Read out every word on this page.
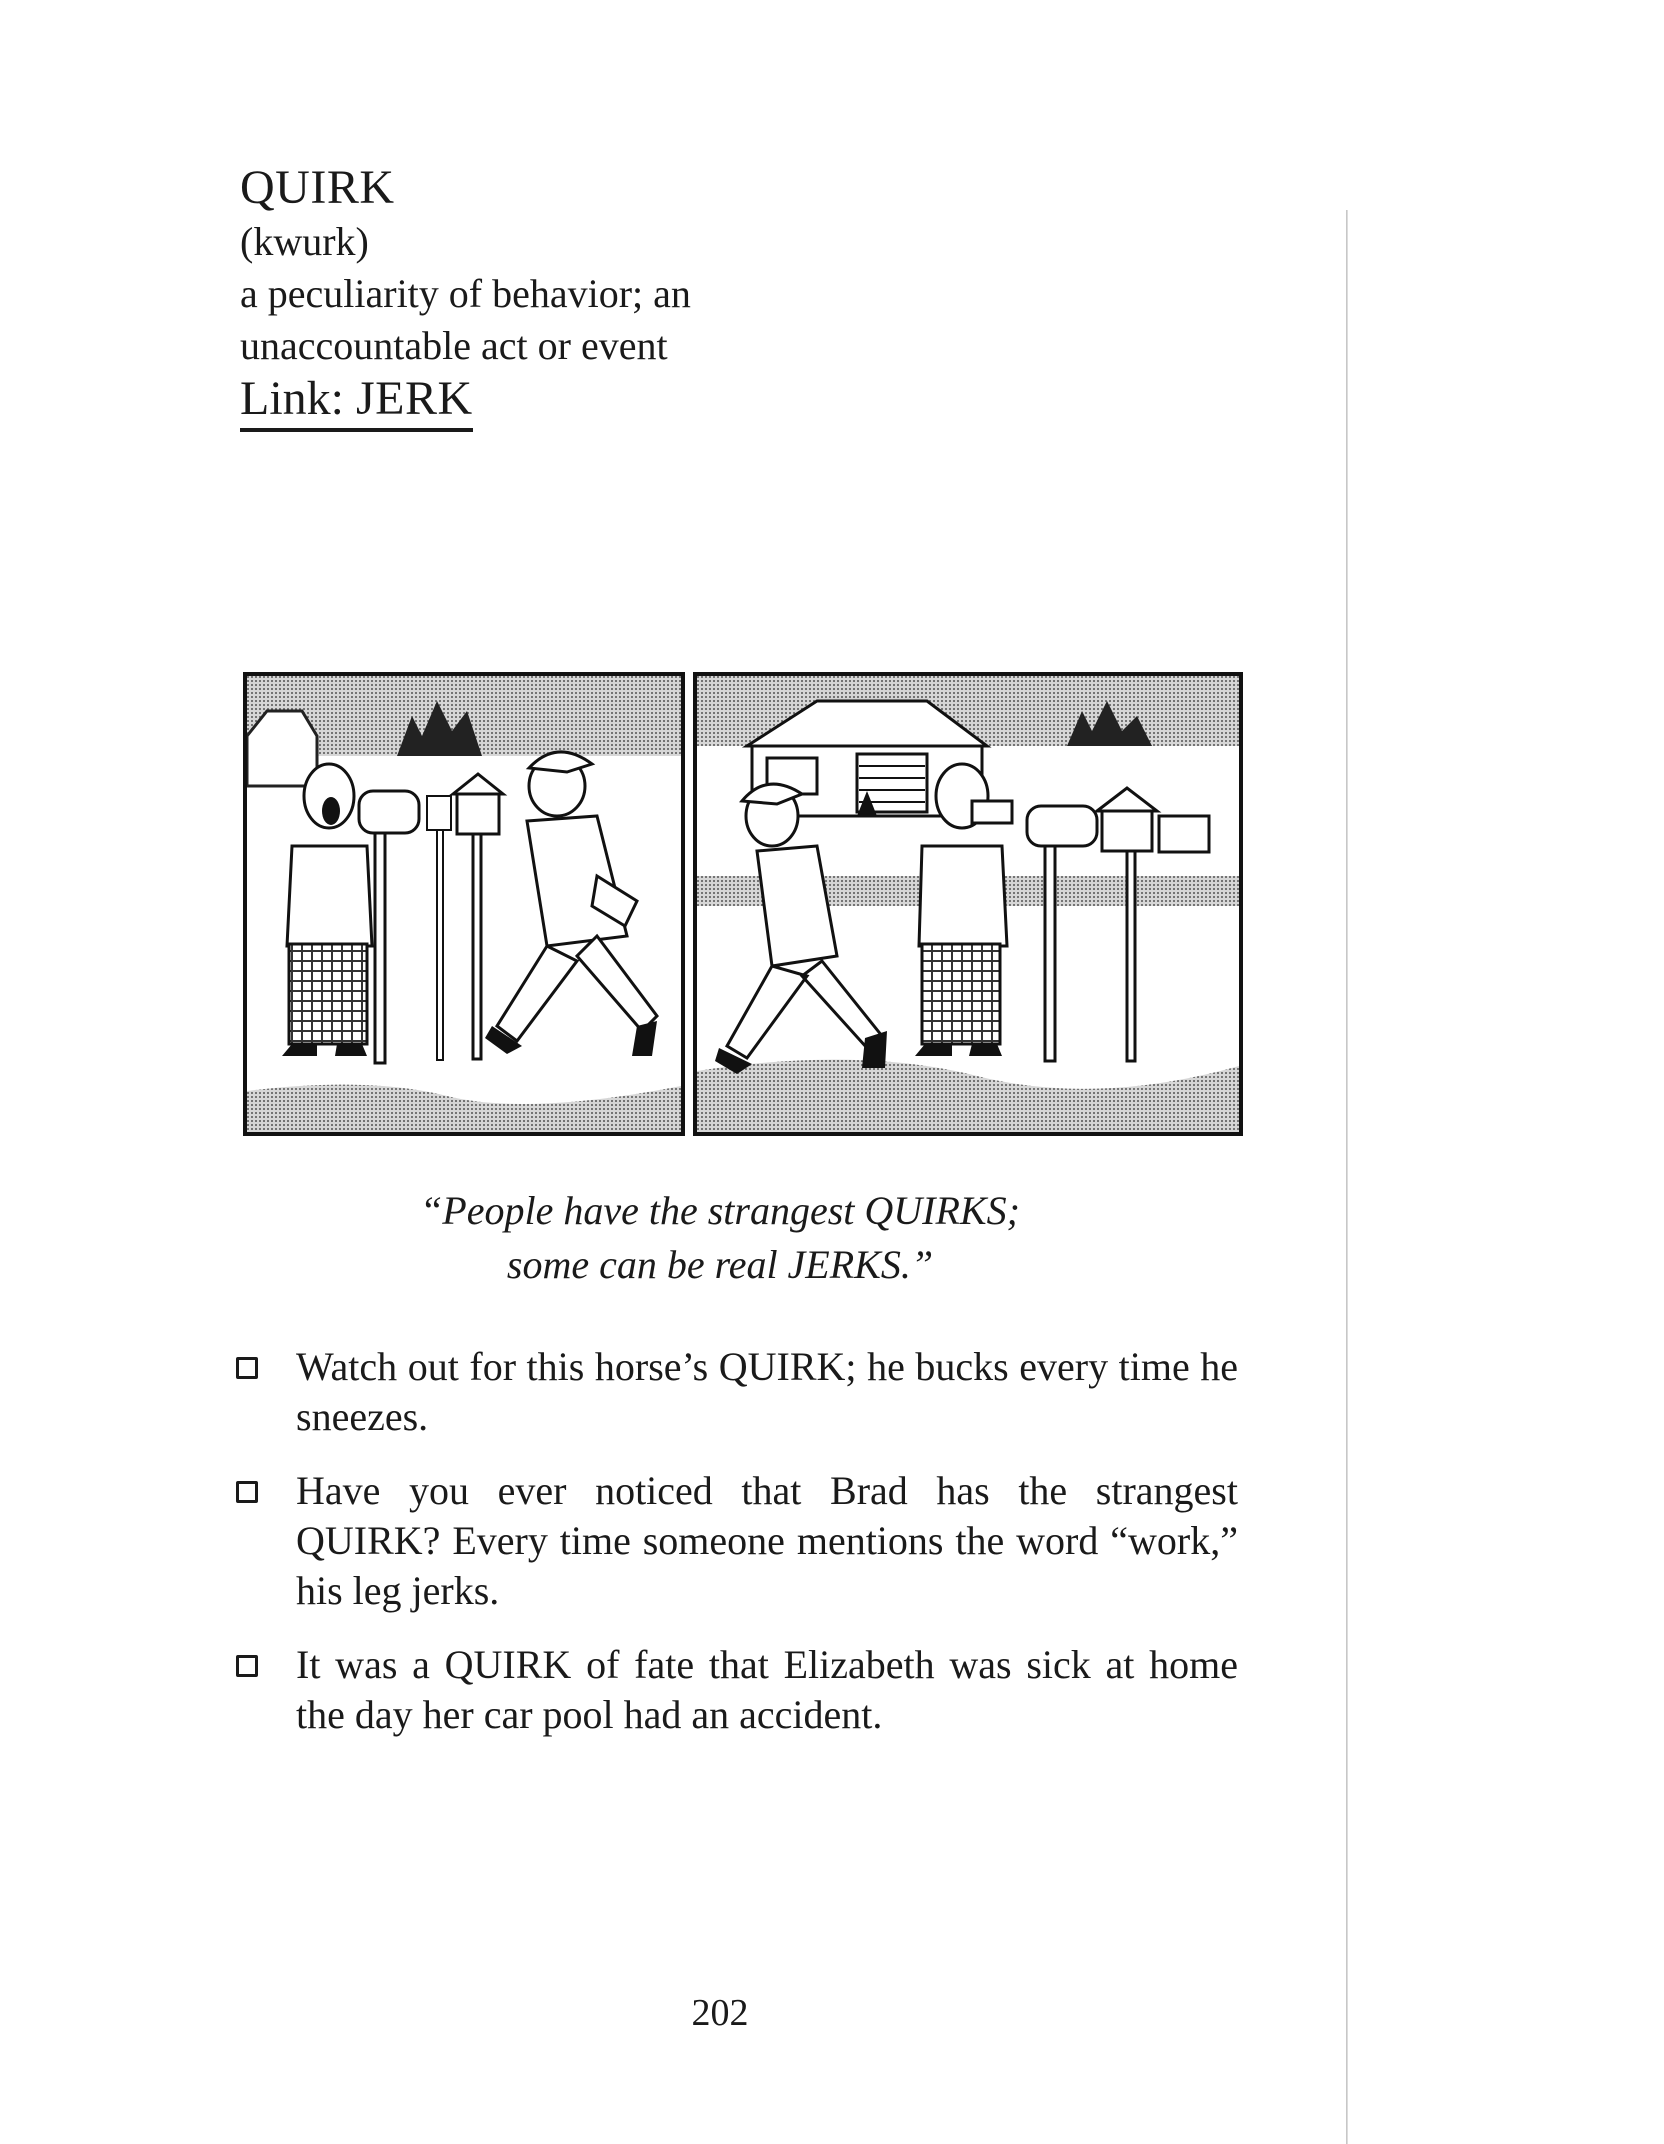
QUIRK
(kwurk)
a peculiarity of behavior; an
unaccountable act or event
Link: JERK
“People have the strangest QUIRKS;
some can be real JERKS.”
Watch out for this horse’s QUIRK; he bucks every time he sneezes.
Have you ever noticed that Brad has the strangest QUIRK? Every time someone mentions the word “work,” his leg jerks.
It was a QUIRK of fate that Elizabeth was sick at home the day her car pool had an accident.
202
